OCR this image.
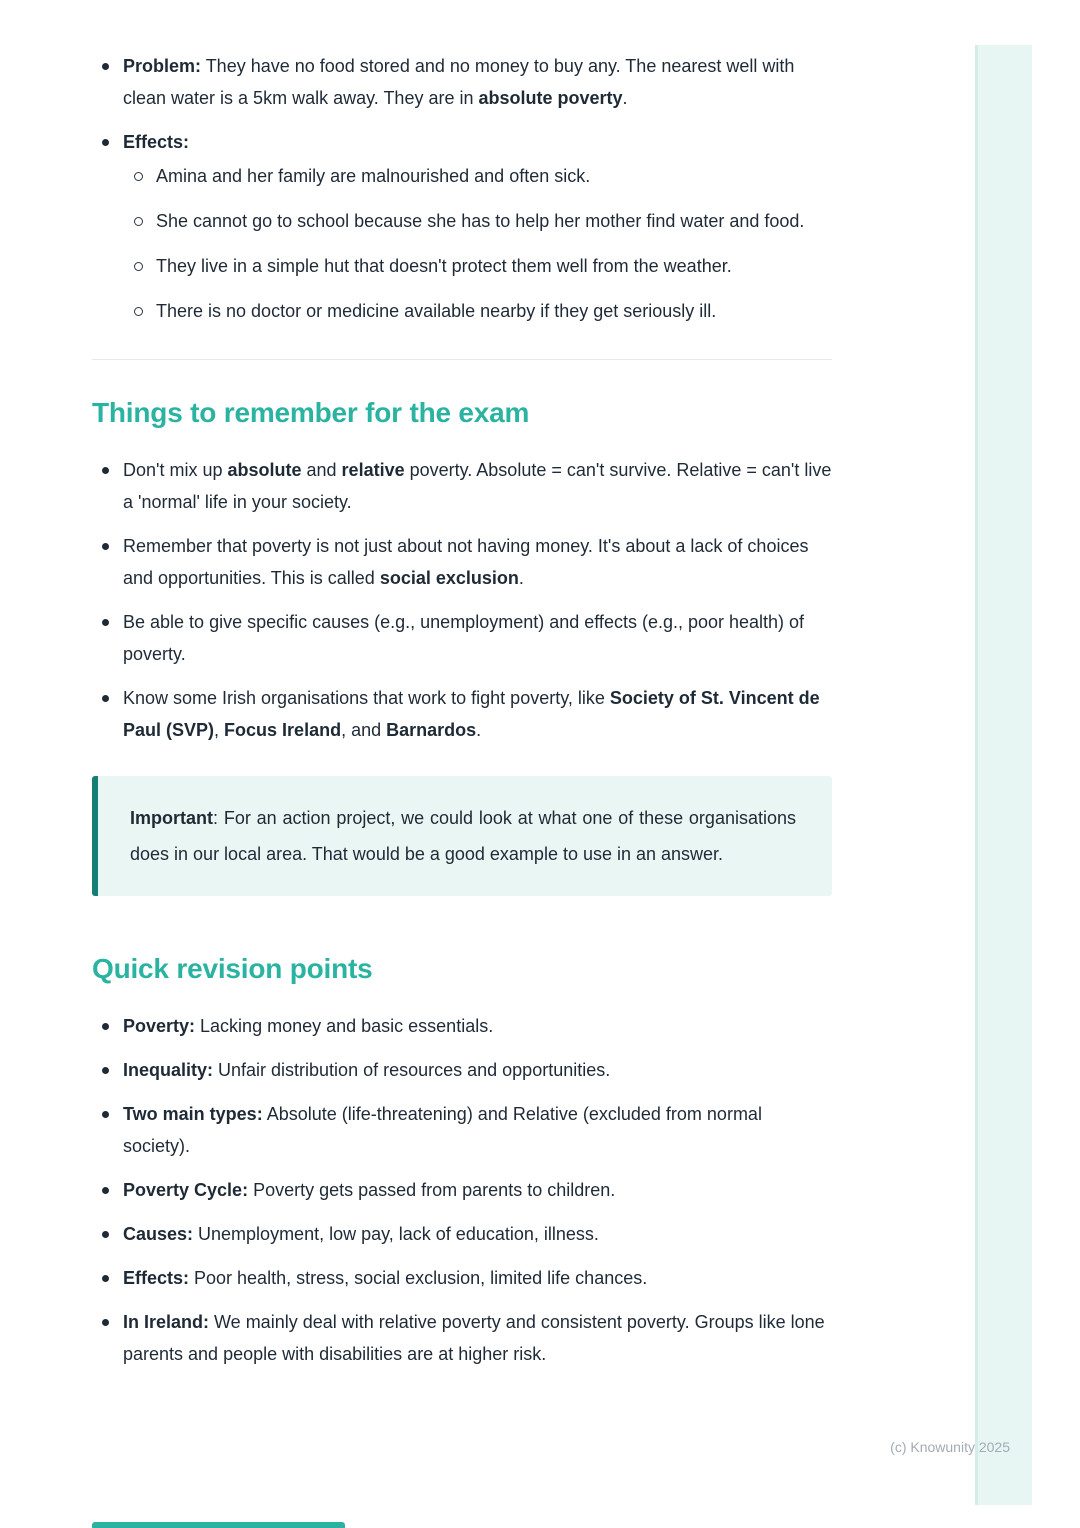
Problem: They have no food stored and no money to buy any. The nearest well with clean water is a 5km walk away. They are in absolute poverty.
Effects:
Amina and her family are malnourished and often sick.
She cannot go to school because she has to help her mother find water and food.
They live in a simple hut that doesn't protect them well from the weather.
There is no doctor or medicine available nearby if they get seriously ill.
Things to remember for the exam
Don't mix up absolute and relative poverty. Absolute = can't survive. Relative = can't live a 'normal' life in your society.
Remember that poverty is not just about not having money. It's about a lack of choices and opportunities. This is called social exclusion.
Be able to give specific causes (e.g., unemployment) and effects (e.g., poor health) of poverty.
Know some Irish organisations that work to fight poverty, like Society of St. Vincent de Paul (SVP), Focus Ireland, and Barnardos.

Important: For an action project, we could look at what one of these organisations does in our local area. That would be a good example to use in an answer.

Quick revision points
Poverty: Lacking money and basic essentials.
Inequality: Unfair distribution of resources and opportunities.
Two main types: Absolute (life-threatening) and Relative (excluded from normal society).
Poverty Cycle: Poverty gets passed from parents to children.
Causes: Unemployment, low pay, lack of education, illness.
Effects: Poor health, stress, social exclusion, limited life chances.
In Ireland: We mainly deal with relative poverty and consistent poverty. Groups like lone parents and people with disabilities are at higher risk.
(c) Knowunity 2025
